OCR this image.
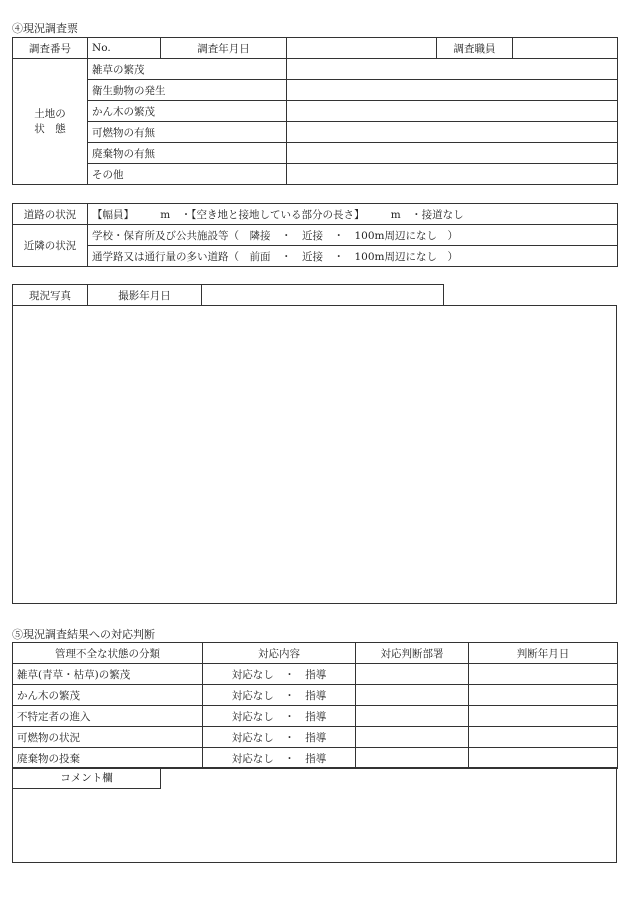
④現況調査票
調査番号	No.	調査年月日		調査職員	
土地の
状　態	雑草の繁茂				
	衛生動物の発生				
	かん木の繁茂				
	可燃物の有無				
	廃棄物の有無				
	その他				
道路の状況	【幅員】　　　m　・【空き地と接地している部分の長さ】　　　m　・接道なし
近隣の状況	学校・保育所及び公共施設等（　隣接　・　近接　・　100m周辺になし　）
	通学路又は通行量の多い道路（　前面　・　近接　・　100m周辺になし　）
現況写真	撮影年月日	
⑤現況調査結果への対応判断
管理不全な状態の分類	対応内容	対応判断部署	判断年月日
雑草(青草・枯草)の繁茂	対応なし　・　指導		
かん木の繁茂	対応なし　・　指導		
不特定者の進入	対応なし　・　指導		
可燃物の状況	対応なし　・　指導		
廃棄物の投棄	対応なし　・　指導		
コメント欄
